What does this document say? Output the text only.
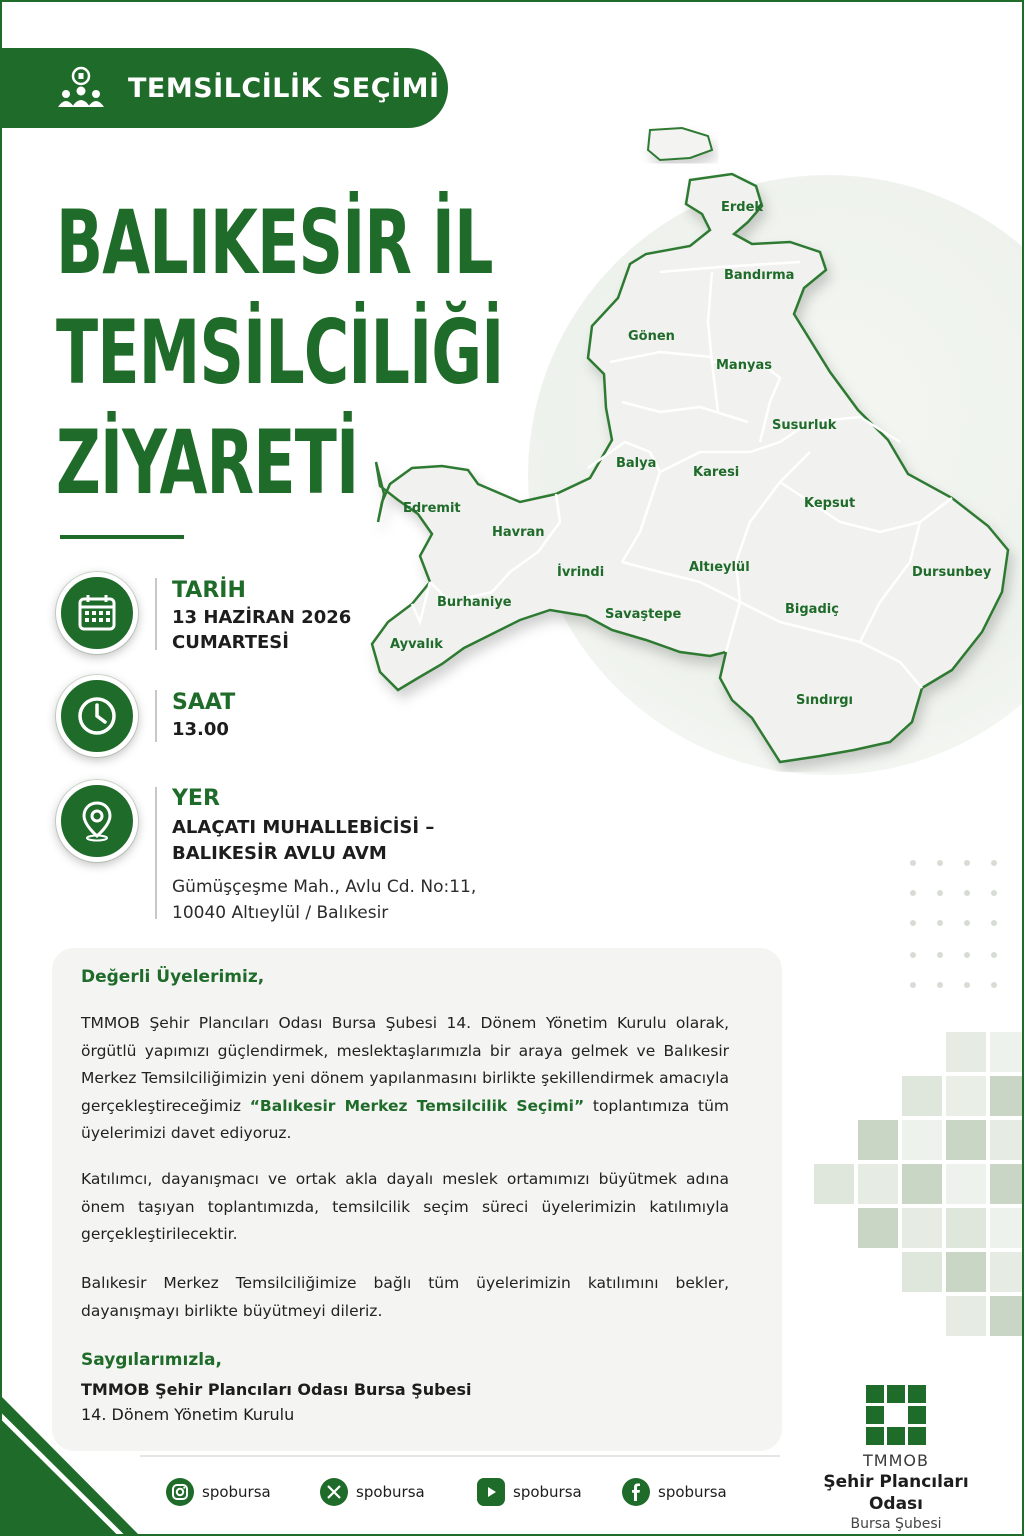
TEMSİLCİLİK SEÇİMİ
BALIKESİR İL
TEMSİLCİLİĞİ
ZİYARETİ
TARİH
13 HAZİRAN 2026
CUMARTESİ
SAAT
13.00
YER
ALAÇATI MUHALLEBİCİSİ –
BALIKESİR AVLU AVM
Gümüşçeşme Mah., Avlu Cd. No:11,
10040 Altıeylül / Balıkesir
Erdek
Bandırma
Gönen
Manyas
Susurluk
Balya
Karesi
Kepsut
Edremit
Havran
İvrindi	Altıeylül	Dursunbey
Burhaniye
Savaştepe	Bigadiç
Ayvalık
Sındırgı
Değerli Üyelerimiz,
TMMOB Şehir Plancıları Odası Bursa Şubesi 14. Dönem Yönetim Kurulu olarak, örgütlü yapımızı güçlendirmek, meslektaşlarımızla bir araya gelmek ve Balıkesir Merkez Temsilciliğimizin yeni dönem yapılanmasını birlikte şekillendirmek amacıyla gerçekleştireceğimiz “Balıkesir Merkez Temsilcilik Seçimi” toplantımıza tüm üyelerimizi davet ediyoruz.
Katılımcı, dayanışmacı ve ortak akla dayalı meslek ortamımızı büyütmek adına önem taşıyan toplantımızda, temsilcilik seçim süreci üyelerimizin katılımıyla gerçekleştirilecektir.
Balıkesir Merkez Temsilciliğimize bağlı tüm üyelerimizin katılımını bekler, dayanışmayı birlikte büyütmeyi dileriz.
Saygılarımızla,
TMMOB Şehir Plancıları Odası Bursa Şubesi
14. Dönem Yönetim Kurulu
spobursa	spobursa	spobursa	spobursa
TMMOB
Şehir Plancıları Odası
Bursa Şubesi
